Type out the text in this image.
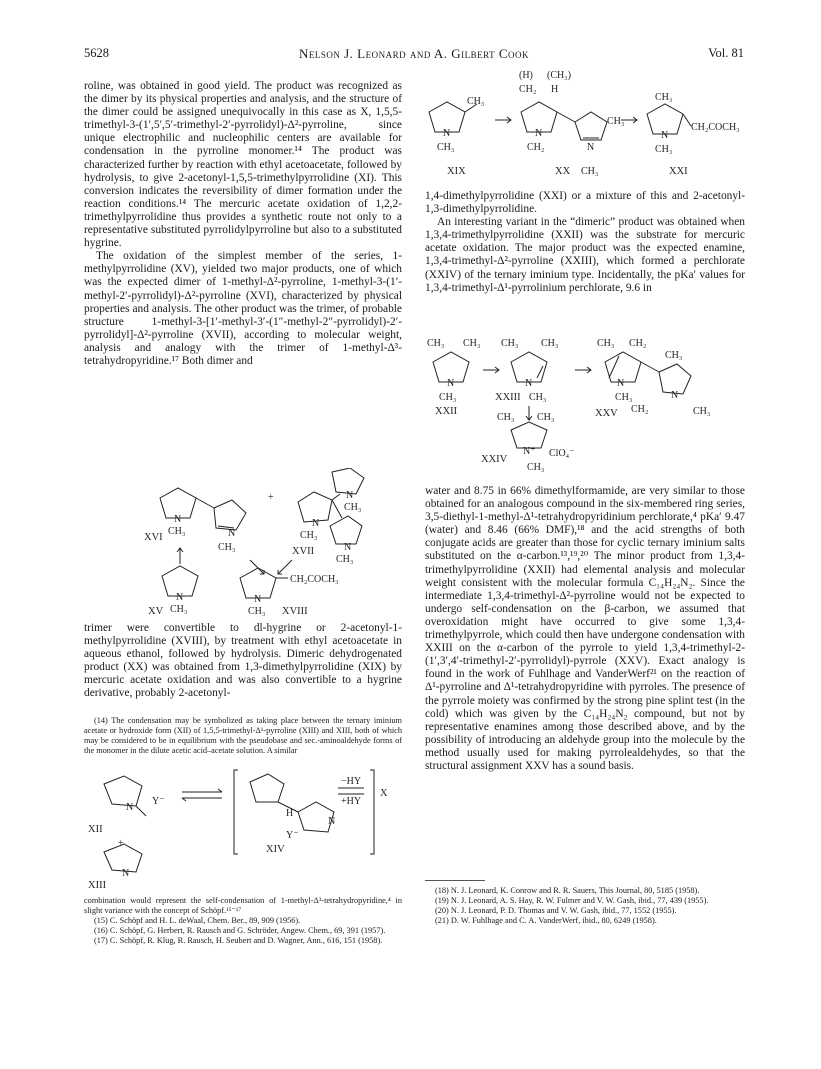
5628	Nelson J. Leonard and A. Gilbert Cook	Vol. 81

roline, was obtained in good yield. The product was recognized as the dimer by its physical properties and analysis, and the structure of the dimer could be assigned unequivocally in this case as X, 1,5,5-trimethyl-3-(1′,5′,5′-trimethyl-2′-pyrrolidyl)-Δ²-pyrroline, since unique electrophilic and nucleophilic centers are available for condensation in the pyrroline monomer.¹⁴ The product was characterized further by reaction with ethyl acetoacetate, followed by hydrolysis, to give 2-acetonyl-1,5,5-trimethylpyrrolidine (XI). This conversion indicates the reversibility of dimer formation under the reaction conditions.¹⁴ The mercuric acetate oxidation of 1,2,2-trimethylpyrrolidine thus provides a synthetic route not only to a representative substituted pyrrolidylpyrroline but also to a substituted hygrine.

The oxidation of the simplest member of the series, 1-methylpyrrolidine (XV), yielded two major products, one of which was the expected dimer of 1-methyl-Δ²-pyrroline, 1-methyl-3-(1′-methyl-2′-pyrrolidyl)-Δ²-pyrroline (XVI), characterized by physical properties and analysis. The other product was the trimer, of probable structure 1-methyl-3-[1′-methyl-3′-(1″-methyl-2″-pyrrolidyl)-2′-pyrrolidyl]-Δ²-pyrroline (XVII), according to molecular weight, analysis and analogy with the trimer of 1-methyl-Δ³-tetrahydropyridine.¹⁷ Both dimer and

N
CH₃	N
CH₃
XVI
+	N
CH₃
N
CH₃
N
CH₃
XVII
N
CH₃
XV
CH₂COCH₃
N
CH₃ XVIII

trimer were convertible to dl-hygrine or 2-acetonyl-1-methylpyrrolidine (XVIII), by treatment with ethyl acetoacetate in aqueous ethanol, followed by hydrolysis. Dimeric dehydrogenated product (XX) was obtained from 1,3-dimethylpyrrolidine (XIX) by mercuric acetate oxidation and was also convertible to a hygrine derivative, probably 2-acetonyl-

(14) The condensation may be symbolized as taking place between the ternary iminium acetate or hydroxide form (XII) of 1,5,5-trimethyl-Δ¹-pyrroline (XIII) and XIII, both of which may be considered to be in equilibrium with the pseudobase and sec.-aminoaldehyde forms of the monomer in the dilute acetic acid–acetate solution. A similar

N
Y⁻
XII
+
N
XIII
H
N
Y⁻
XIV
−HY
+HY
X

combination would represent the self-condensation of 1-methyl-Δ³-tetrahydropyridine,⁴ in slight variance with the concept of Schöpf.¹⁵⁻¹⁷

(15) C. Schöpf and H. L. deWaal, Chem. Ber., 89, 909 (1956).

(16) C. Schöpf, G. Herbert, R. Rausch and G. Schröder, Angew. Chem., 69, 391 (1957).

(17) C. Schöpf, R. Klug, R. Rausch, H. Seubert and D. Wagner, Ann., 616, 151 (1958).

CH₃
N
CH₃
XIX
(H) (CH₃)
CH₂ H
CH₃
N
CH₂	N
XX CH₃
CH₃
CH₂COCH₃
N
CH₃
XXI

1,4-dimethylpyrrolidine (XXI) or a mixture of this and 2-acetonyl-1,3-dimethylpyrrolidine.

An interesting variant in the “dimeric” product was obtained when 1,3,4-trimethylpyrrolidine (XXII) was the substrate for mercuric acetate oxidation. The major product was the expected enamine, 1,3,4-trimethyl-Δ²-pyrroline (XXIII), which formed a perchlorate (XXIV) of the ternary iminium type. Incidentally, the pKa′ values for 1,3,4-trimethyl-Δ¹-pyrrolinium perchlorate, 9.6 in

CH₃ CH₃
N
CH₃
XXII
CH₃ CH₃
N
XXIII CH₃
CH₃ CH₃
N⁺ ClO₄⁻
CH₃
XXIV
CH₃ CH₂
CH₃
N
CH₃	N
XXV CH₂	CH₃

water and 8.75 in 66% dimethylformamide, are very similar to those obtained for an analogous compound in the six-membered ring series, 3,5-diethyl-1-methyl-Δ¹-tetrahydropyridinium perchlorate,⁴ pKa′ 9.47 (water) and 8.46 (66% DMF),¹⁸ and the acid strengths of both conjugate acids are greater than those for cyclic ternary iminium salts substituted on the α-carbon.¹³,¹⁹,²⁰ The minor product from 1,3,4-trimethylpyrrolidine (XXII) had elemental analysis and molecular weight consistent with the molecular formula C₁₄H₂₄N₂. Since the intermediate 1,3,4-trimethyl-Δ²-pyrroline would not be expected to undergo self-condensation on the β-carbon, we assumed that overoxidation might have occurred to give some 1,3,4-trimethylpyrrole, which could then have undergone condensation with XXIII on the α-carbon of the pyrrole to yield 1,3,4-trimethyl-2-(1′,3′,4′-trimethyl-2′-pyrrolidyl)-pyrrole (XXV). Exact analogy is found in the work of Fuhlhage and VanderWerf²¹ on the reaction of Δ¹-pyrroline and Δ¹-tetrahydropyridine with pyrroles. The presence of the pyrrole moiety was confirmed by the strong pine splint test (in the cold) which was given by the C₁₄H₂₄N₂ compound, but not by representative enamines among those described above, and by the possibility of introducing an aldehyde group into the molecule by the method usually used for making pyrrolealdehydes, so that the structural assignment XXV has a sound basis.

(18) N. J. Leonard, K. Conrow and R. R. Sauers, This Journal, 80, 5185 (1958).

(19) N. J. Leonard, A. S. Hay, R. W. Fulmer and V. W. Gash, ibid., 77, 439 (1955).

(20) N. J. Leonard, P. D. Thomas and V. W. Gash, ibid., 77, 1552 (1955).

(21) D. W. Fuhlhage and C. A. VanderWerf, ibid., 80, 6249 (1958).
